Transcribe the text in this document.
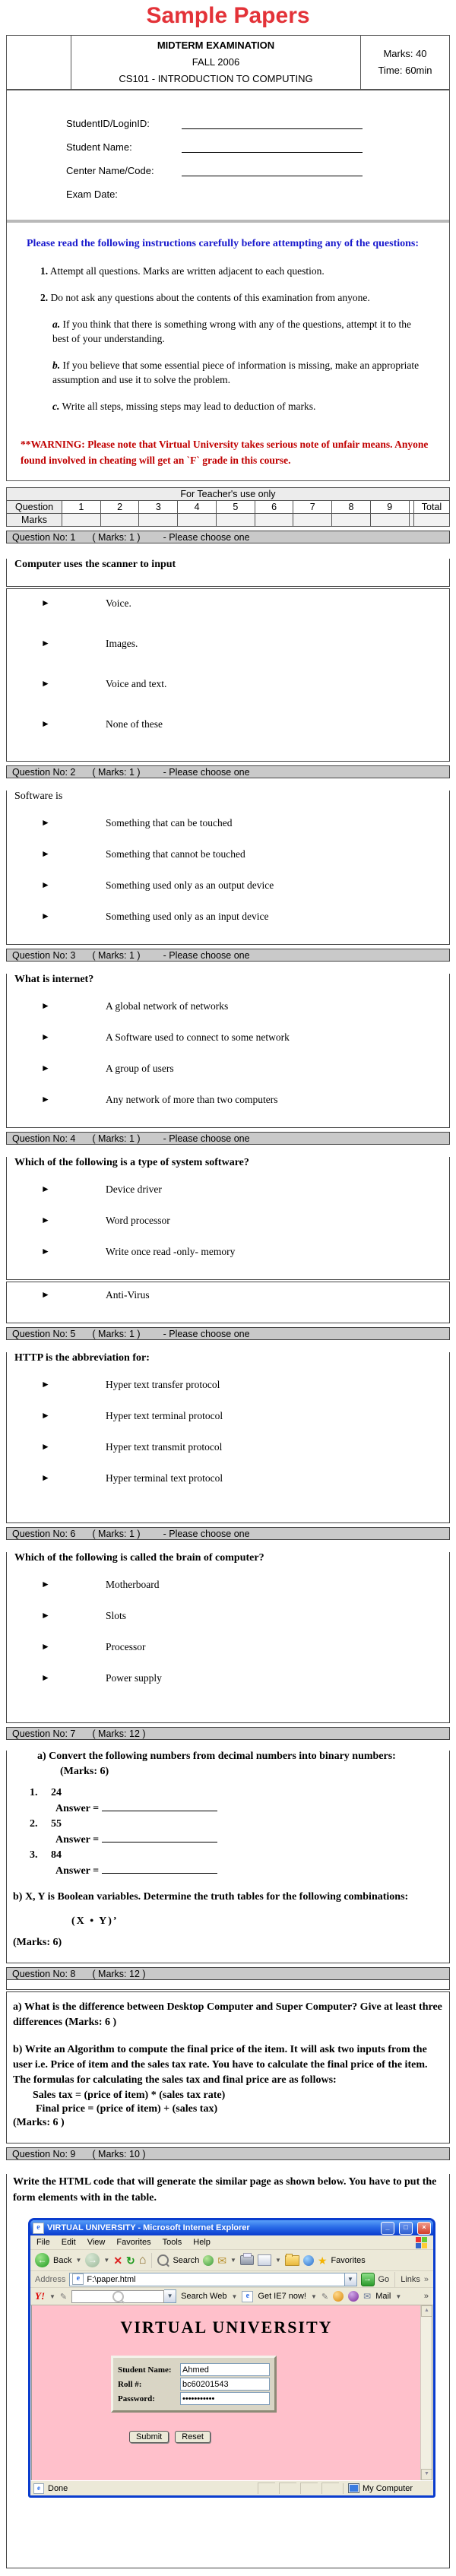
Sample Papers

MIDTERM EXAMINATION
FALL 2006
CS101 - INTRODUCTION TO COMPUTING

Marks: 40
Time: 60min
StudentID/LoginID:
Student Name:
Center Name/Code:
Exam Date:
Please read the following instructions carefully before attempting any of the questions:
1. Attempt all questions. Marks are written adjacent to each question.
2. Do not ask any questions about the contents of this examination from anyone.
a. If you think that there is something wrong with any of the questions, attempt it to the best of your understanding.
b. If you believe that some essential piece of information is missing, make an appropriate assumption and use it to solve the problem.
c. Write all steps, missing steps may lead to deduction of marks.
**WARNING: Please note that Virtual University takes serious note of unfair means. Anyone found involved in cheating will get an `F` grade in this course.
For Teacher's use only											
Question	1	2	3	4	5	6	7	8	9		Total
Marks											
Question No: 1 ( Marks: 1 ) - Please choose one
Computer uses the scanner to input
►	Voice.
►	Images.
►	Voice and text.
►	None of these
Question No: 2 ( Marks: 1 ) - Please choose one
Software is
►	Something that can be touched
►	Something that cannot be touched
►	Something used only as an output device
►	Something used only as an input device
Question No: 3 ( Marks: 1 ) - Please choose one
What is internet?
►	A global network of networks
►	A Software used to connect to some network
►	A group of users
►	Any network of more than two computers
Question No: 4 ( Marks: 1 ) - Please choose one
Which of the following is a type of system software?
►	Device driver
►	Word processor
►	Write once read -only- memory
►	Anti-Virus
Question No: 5 ( Marks: 1 ) - Please choose one
HTTP is the abbreviation for:
►	Hyper text transfer protocol
►	Hyper text terminal protocol
►	Hyper text transmit protocol
►	Hyper terminal text protocol
Question No: 6 ( Marks: 1 ) - Please choose one
Which of the following is called the brain of computer?
►	Motherboard
►	Slots
►	Processor
►	Power supply
Question No: 7 ( Marks: 12 )

a) Convert the following numbers from decimal numbers into binary numbers:

(Marks: 6)

1. 24
Answer =
2. 55
Answer =
3. 84
Answer =

b) X, Y is Boolean variables. Determine the truth tables for the following combinations:

(X • Y)’

(Marks: 6)

Question No: 8 ( Marks: 12 )

a) What is the difference between Desktop Computer and Super Computer? Give at least three differences (Marks: 6 )

b) Write an Algorithm to compute the final price of the item. It will ask two inputs from the user i.e. Price of item and the sales tax rate. You have to calculate the final price of the item. The formulas for calculating the sales tax and final price are as follows:

Sales tax = (price of item) * (sales tax rate)

Final price = (price of item) + (sales tax)

(Marks: 6 )

Question No: 9 ( Marks: 10 )
Write the HTML code that will generate the similar page as shown below. You have to put the form elements with in the table.
e VIRTUAL UNIVERSITY - Microsoft Internet Explorer	_	□	×
File Edit View Favorites Tools Help
← Back ▼ →	▼ ✕ ↻ ⌂	Search ✉ ▼	▼	★ Favorites
Address	e F:\paper.html	▼	→ Go Links »
Y! ▼ ✎	▼ Search Web ▼	e	Get IE7 now! ▼ ✎	✉ Mail ▼	»
VIRTUAL UNIVERSITY
Student Name:
Ahmed
Roll #:
bc60201543
Password:
•••••••••••
Submit	Reset
▲
▼
e Done	My Computer
